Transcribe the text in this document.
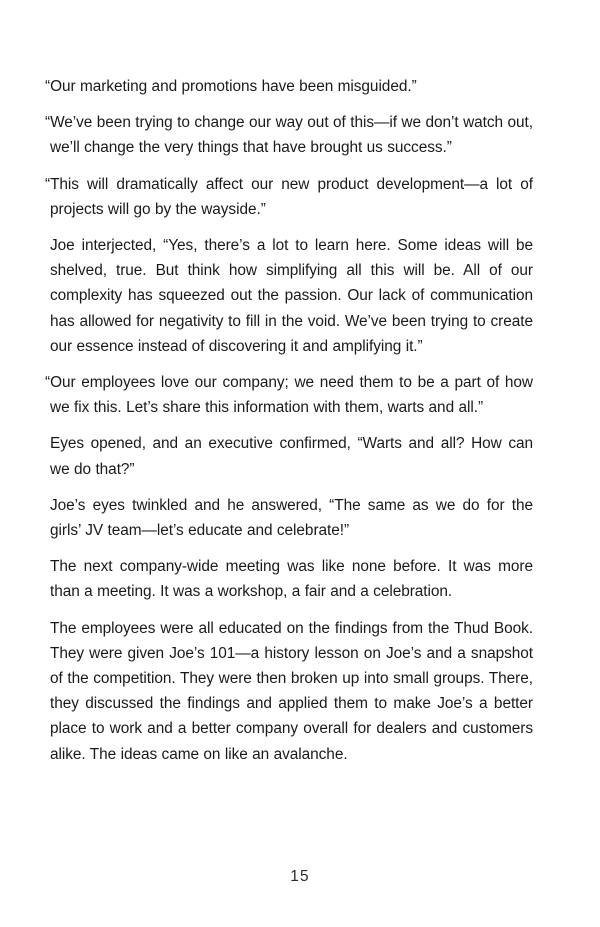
“Our marketing and promotions have been misguided.”

“We’ve been trying to change our way out of this—if we don’t watch out, we’ll change the very things that have brought us success.”

“This will dramatically affect our new product development—a lot of projects will go by the wayside.”

Joe interjected, “Yes, there’s a lot to learn here. Some ideas will be shelved, true. But think how simplifying all this will be. All of our complexity has squeezed out the passion. Our lack of communication has allowed for negativity to fill in the void. We’ve been trying to create our essence instead of discovering it and amplifying it.”

“Our employees love our company; we need them to be a part of how we fix this. Let’s share this information with them, warts and all.”

Eyes opened, and an executive confirmed, “Warts and all? How can we do that?”

Joe’s eyes twinkled and he answered, “The same as we do for the girls’ JV team—let’s educate and celebrate!”

The next company-wide meeting was like none before. It was more than a meeting. It was a workshop, a fair and a celebration.

The employees were all educated on the findings from the Thud Book. They were given Joe’s 101—a history lesson on Joe’s and a snapshot of the competition. They were then broken up into small groups. There, they discussed the findings and applied them to make Joe’s a better place to work and a better company overall for dealers and customers alike. The ideas came on like an avalanche.

15
